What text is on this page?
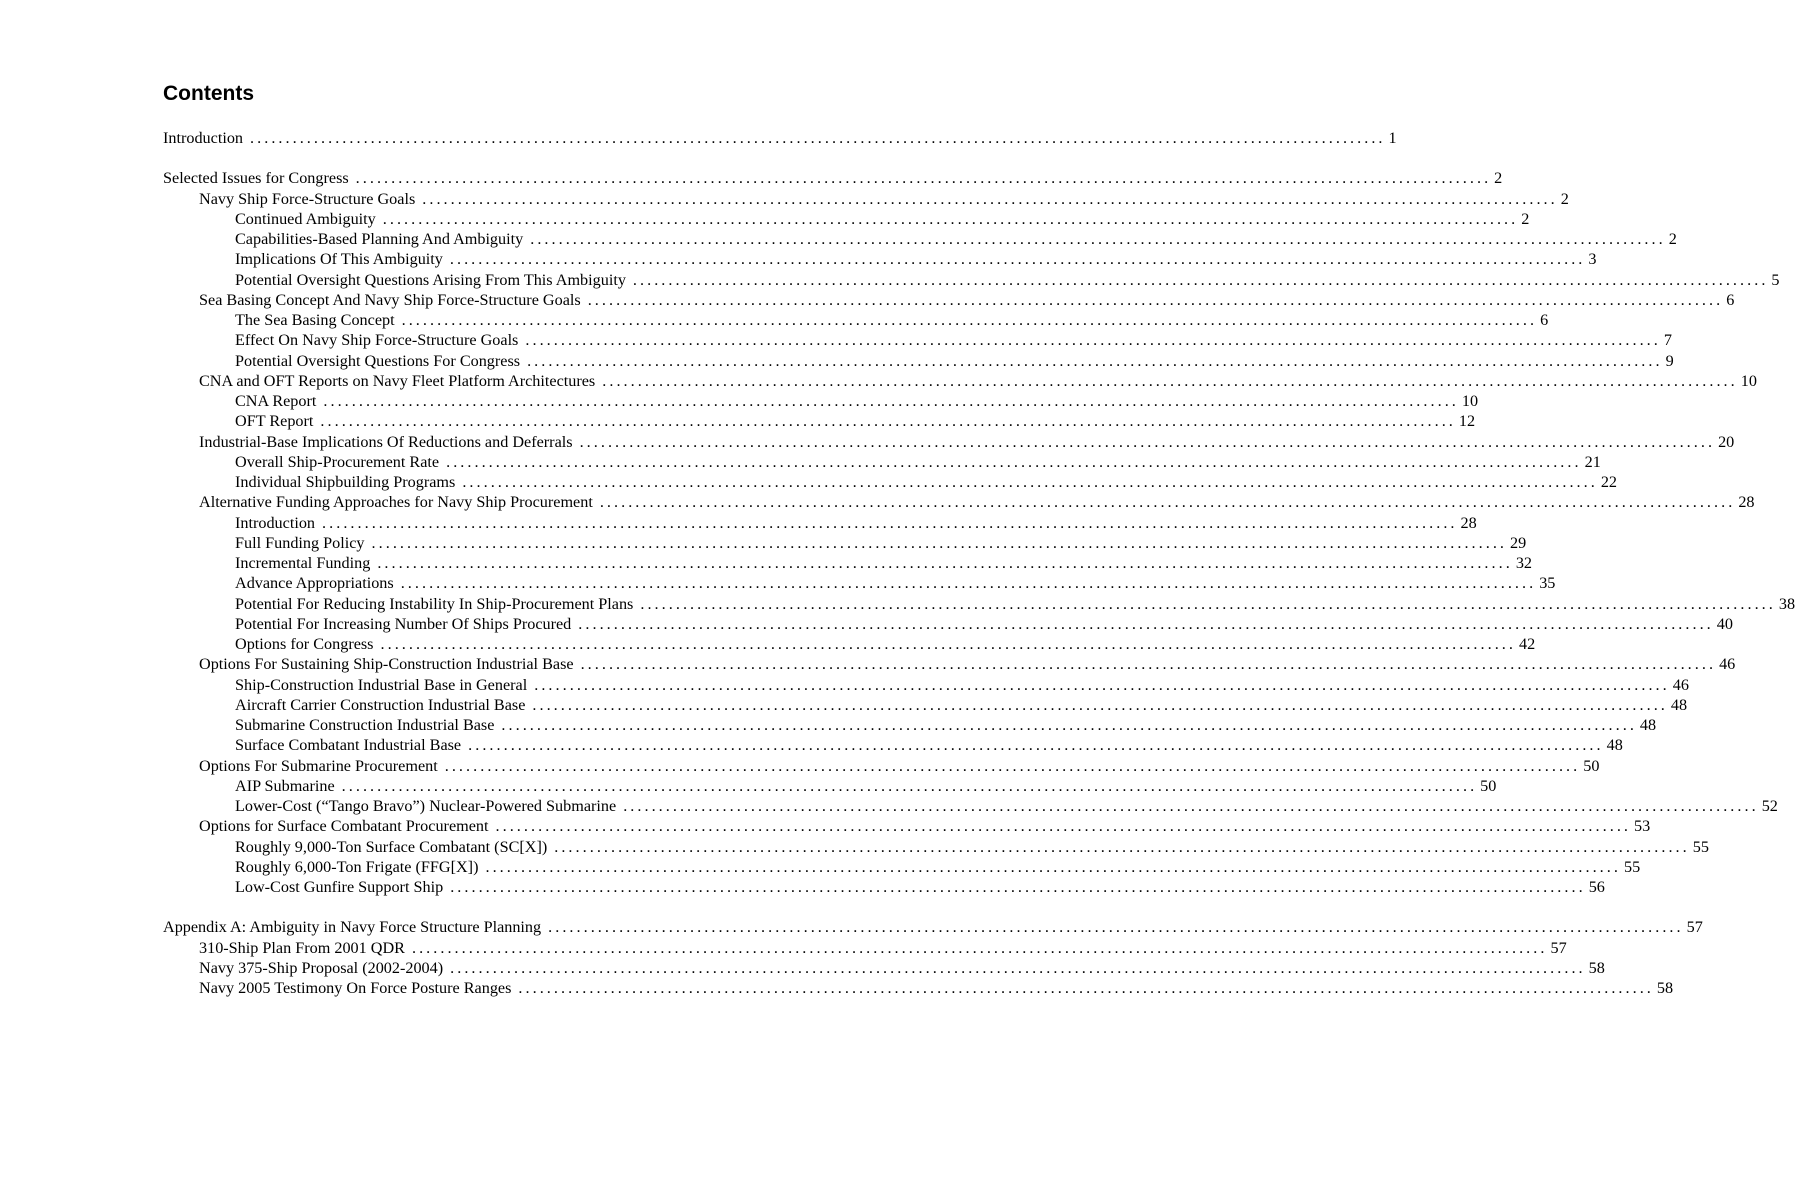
Contents
Introduction ................................................................................................................................................................ 1
Selected Issues for Congress ................................................................................................................................................................ 2
Navy Ship Force-Structure Goals ................................................................................................................................................................ 2
Continued Ambiguity ................................................................................................................................................................ 2
Capabilities-Based Planning And Ambiguity ................................................................................................................................................................ 2
Implications Of This Ambiguity ................................................................................................................................................................ 3
Potential Oversight Questions Arising From This Ambiguity ................................................................................................................................................................ 5
Sea Basing Concept And Navy Ship Force-Structure Goals ................................................................................................................................................................ 6
The Sea Basing Concept ................................................................................................................................................................ 6
Effect On Navy Ship Force-Structure Goals ................................................................................................................................................................ 7
Potential Oversight Questions For Congress ................................................................................................................................................................ 9
CNA and OFT Reports on Navy Fleet Platform Architectures ................................................................................................................................................................ 10
CNA Report ................................................................................................................................................................ 10
OFT Report ................................................................................................................................................................ 12
Industrial-Base Implications Of Reductions and Deferrals ................................................................................................................................................................ 20
Overall Ship-Procurement Rate ................................................................................................................................................................ 21
Individual Shipbuilding Programs ................................................................................................................................................................ 22
Alternative Funding Approaches for Navy Ship Procurement ................................................................................................................................................................ 28
Introduction ................................................................................................................................................................ 28
Full Funding Policy ................................................................................................................................................................ 29
Incremental Funding ................................................................................................................................................................ 32
Advance Appropriations ................................................................................................................................................................ 35
Potential For Reducing Instability In Ship-Procurement Plans ................................................................................................................................................................ 38
Potential For Increasing Number Of Ships Procured ................................................................................................................................................................ 40
Options for Congress ................................................................................................................................................................ 42
Options For Sustaining Ship-Construction Industrial Base ................................................................................................................................................................ 46
Ship-Construction Industrial Base in General ................................................................................................................................................................ 46
Aircraft Carrier Construction Industrial Base ................................................................................................................................................................ 48
Submarine Construction Industrial Base ................................................................................................................................................................ 48
Surface Combatant Industrial Base ................................................................................................................................................................ 48
Options For Submarine Procurement ................................................................................................................................................................ 50
AIP Submarine ................................................................................................................................................................ 50
Lower-Cost (“Tango Bravo”) Nuclear-Powered Submarine ................................................................................................................................................................ 52
Options for Surface Combatant Procurement ................................................................................................................................................................ 53
Roughly 9,000-Ton Surface Combatant (SC[X]) ................................................................................................................................................................ 55
Roughly 6,000-Ton Frigate (FFG[X]) ................................................................................................................................................................ 55
Low-Cost Gunfire Support Ship ................................................................................................................................................................ 56
Appendix A: Ambiguity in Navy Force Structure Planning ................................................................................................................................................................ 57
310-Ship Plan From 2001 QDR ................................................................................................................................................................ 57
Navy 375-Ship Proposal (2002-2004) ................................................................................................................................................................ 58
Navy 2005 Testimony On Force Posture Ranges ................................................................................................................................................................ 58
